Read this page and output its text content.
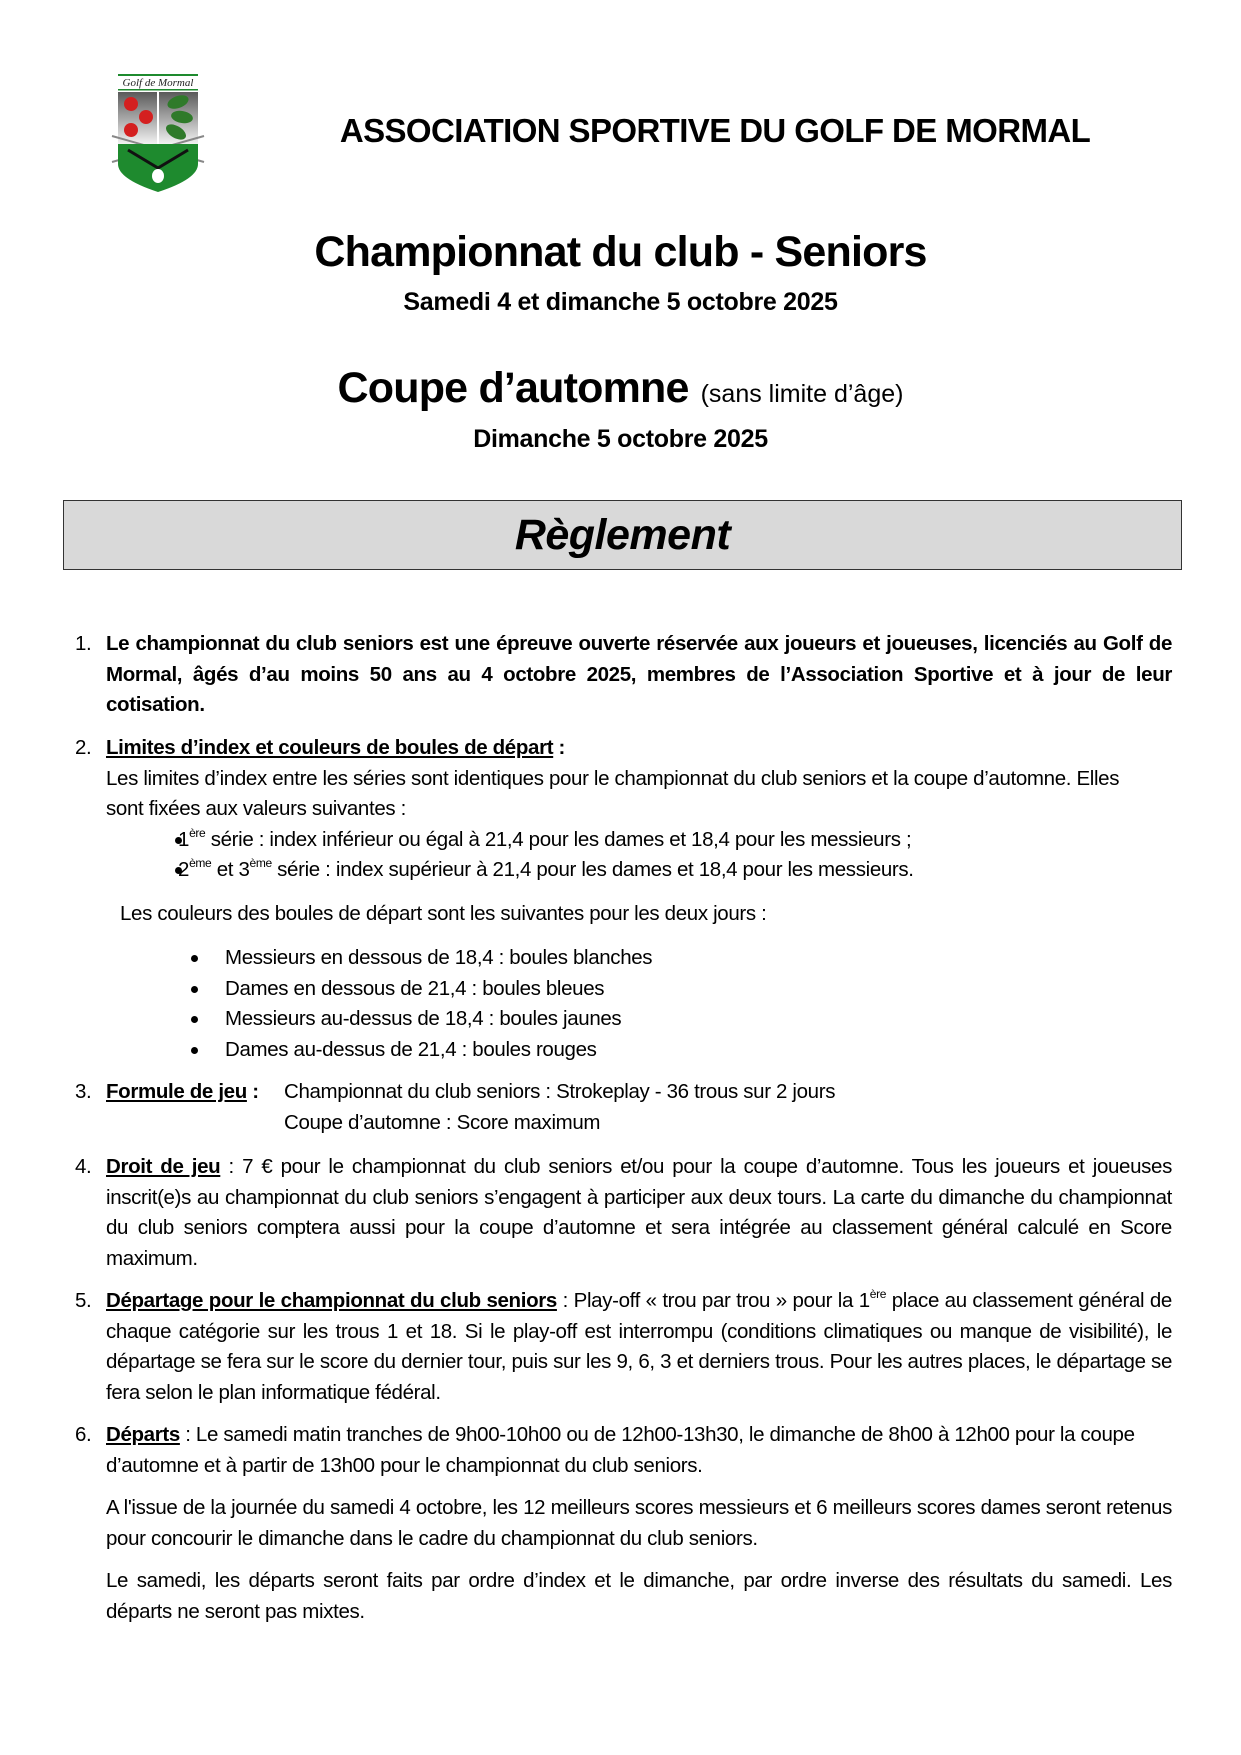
Golf de Mormal
ASSOCIATION SPORTIVE DU GOLF DE MORMAL
Championnat du club - Seniors
Samedi 4 et dimanche 5 octobre 2025
Coupe d’automne (sans limite d’âge)
Dimanche 5 octobre 2025
Règlement
1. Le championnat du club seniors est une épreuve ouverte réservée aux joueurs et joueuses, licenciés au Golf de Mormal, âgés d’au moins 50 ans au 4 octobre 2025, membres de l’Association Sportive et à jour de leur cotisation.
2. Limites d’index et couleurs de boules de départ :
Les limites d’index entre les séries sont identiques pour le championnat du club seniors et la coupe d’automne. Elles sont fixées aux valeurs suivantes :
1ère série : index inférieur ou égal à 21,4 pour les dames et 18,4 pour les messieurs ;
2ème et 3ème série : index supérieur à 21,4 pour les dames et 18,4 pour les messieurs.
Les couleurs des boules de départ sont les suivantes pour les deux jours :
Messieurs en dessous de 18,4 : boules blanches
Dames en dessous de 21,4 : boules bleues
Messieurs au-dessus de 18,4 : boules jaunes
Dames au-dessus de 21,4 : boules rouges
3. Formule de jeu : Championnat du club seniors : Strokeplay - 36 trous sur 2 jours
Coupe d’automne : Score maximum
4. Droit de jeu : 7 € pour le championnat du club seniors et/ou pour la coupe d’automne. Tous les joueurs et joueuses inscrit(e)s au championnat du club seniors s’engagent à participer aux deux tours. La carte du dimanche du championnat du club seniors comptera aussi pour la coupe d’automne et sera intégrée au classement général calculé en Score maximum.
5. Départage pour le championnat du club seniors : Play-off « trou par trou » pour la 1ère place au classement général de chaque catégorie sur les trous 1 et 18. Si le play-off est interrompu (conditions climatiques ou manque de visibilité), le départage se fera sur le score du dernier tour, puis sur les 9, 6, 3 et derniers trous. Pour les autres places, le départage se fera selon le plan informatique fédéral.
6. Départs : Le samedi matin tranches de 9h00-10h00 ou de 12h00-13h30, le dimanche de 8h00 à 12h00 pour la coupe d’automne et à partir de 13h00 pour le championnat du club seniors.

A l'issue de la journée du samedi 4 octobre, les 12 meilleurs scores messieurs et 6 meilleurs scores dames seront retenus pour concourir le dimanche dans le cadre du championnat du club seniors.

Le samedi, les départs seront faits par ordre d’index et le dimanche, par ordre inverse des résultats du samedi. Les départs ne seront pas mixtes.
